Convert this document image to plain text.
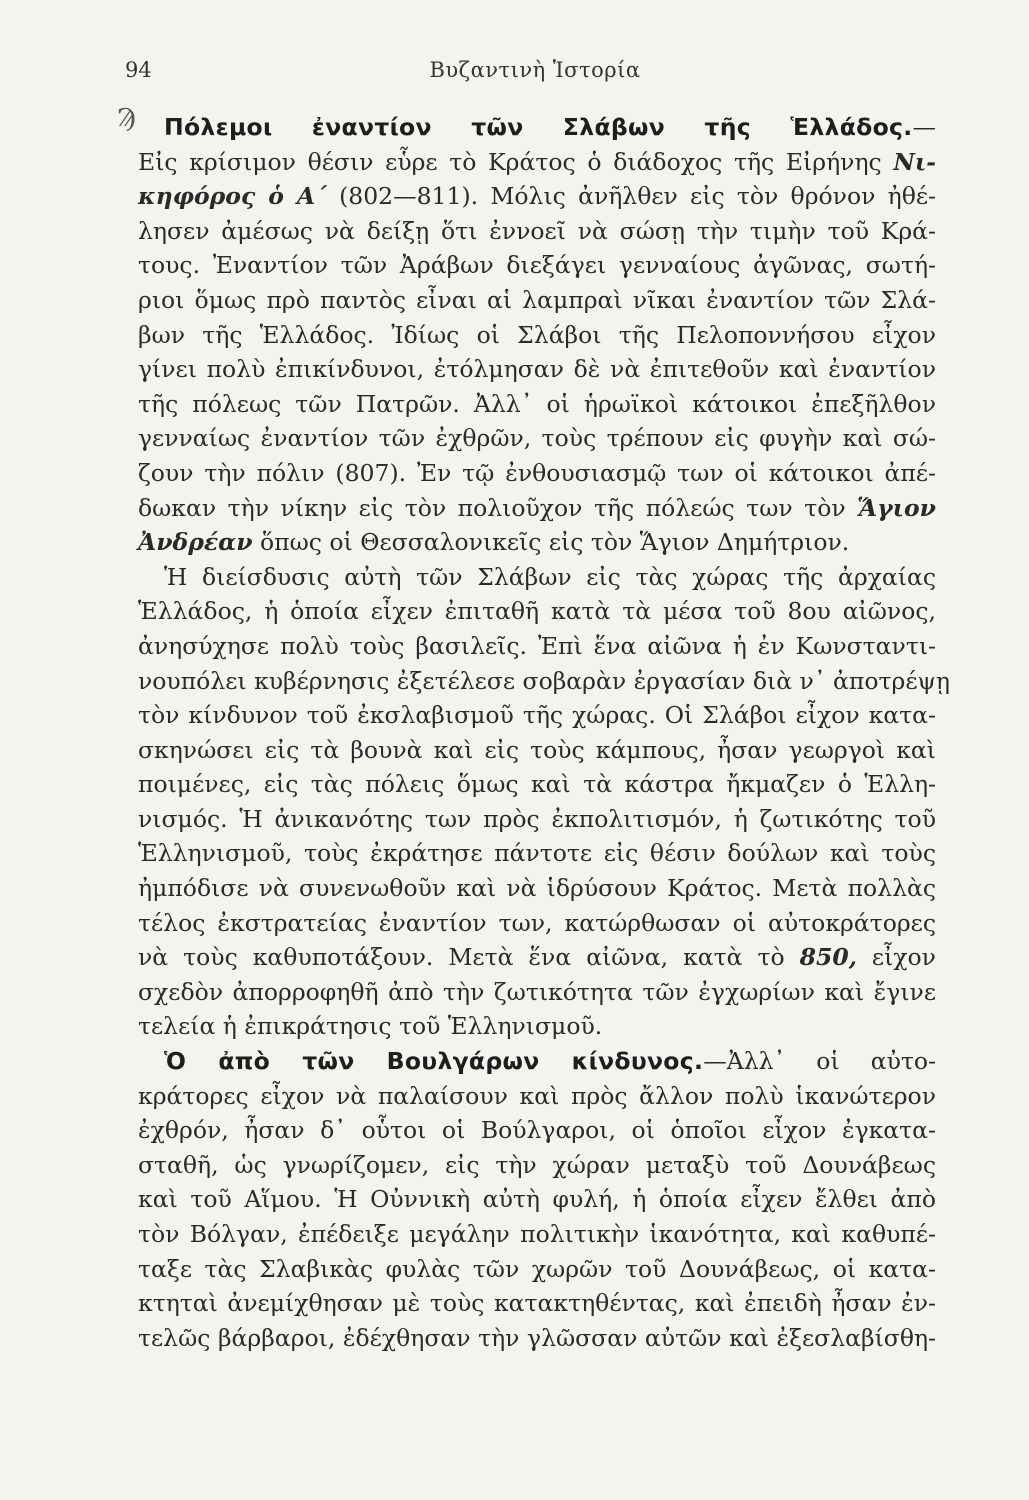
94	Βυζαντινὴ Ἱστορία
Ϡ	Πόλεμοι ἐναντίον τῶν Σλάβων τῆς Ἑλλάδος.—
Εἰς κρίσιμον θέσιν εὗρε τὸ Κράτος ὁ διάδοχος τῆς Εἰρήνης Νι-
κηφόρος ὁ Α΄ (802—811). Μόλις ἀνῆλθεν εἰς τὸν θρόνον ἠθέ-
λησεν ἀμέσως νὰ δείξῃ ὅτι ἐννοεῖ νὰ σώσῃ τὴν τιμὴν τοῦ Κρά-
τους. Ἐναντίον τῶν Ἀράβων διεξάγει γενναίους ἀγῶνας, σωτή-
ριοι ὅμως πρὸ παντὸς εἶναι αἱ λαμπραὶ νῖκαι ἐναντίον τῶν Σλά-
βων τῆς Ἑλλάδος. Ἰδίως οἱ Σλάβοι τῆς Πελοποννήσου εἶχον
γίνει πολὺ ἐπικίνδυνοι, ἐτόλμησαν δὲ νὰ ἐπιτεθοῦν καὶ ἐναντίον
τῆς πόλεως τῶν Πατρῶν. Ἀλλ᾽ οἱ ἡρωϊκοὶ κάτοικοι ἐπεξῆλθον
γενναίως ἐναντίον τῶν ἐχθρῶν, τοὺς τρέπουν εἰς φυγὴν καὶ σώ-
ζουν τὴν πόλιν (807). Ἐν τῷ ἐνθουσιασμῷ των οἱ κάτοικοι ἀπέ-
δωκαν τὴν νίκην εἰς τὸν πολιοῦχον τῆς πόλεώς των τὸν Ἅγιον
Ἀνδρέαν ὅπως οἱ Θεσσαλονικεῖς εἰς τὸν Ἅγιον Δημήτριον.
Ἡ διείσδυσις αὐτὴ τῶν Σλάβων εἰς τὰς χώρας τῆς ἀρχαίας
Ἑλλάδος, ἡ ὁποία εἶχεν ἐπιταθῆ κατὰ τὰ μέσα τοῦ 8ου αἰῶνος,
ἀνησύχησε πολὺ τοὺς βασιλεῖς. Ἐπὶ ἕνα αἰῶνα ἡ ἐν Κωνσταντι-
νουπόλει κυβέρνησις ἐξετέλεσε σοβαρὰν ἐργασίαν διὰ ν᾽ ἀποτρέψῃ
τὸν κίνδυνον τοῦ ἐκσλαβισμοῦ τῆς χώρας. Οἱ Σλάβοι εἶχον κατα-
σκηνώσει εἰς τὰ βουνὰ καὶ εἰς τοὺς κάμπους, ἦσαν γεωργοὶ καὶ
ποιμένες, εἰς τὰς πόλεις ὅμως καὶ τὰ κάστρα ἤκμαζεν ὁ Ἑλλη-
νισμός. Ἡ ἀνικανότης των πρὸς ἐκπολιτισμόν, ἡ ζωτικότης τοῦ
Ἑλληνισμοῦ, τοὺς ἐκράτησε πάντοτε εἰς θέσιν δούλων καὶ τοὺς
ἠμπόδισε νὰ συνενωθοῦν καὶ νὰ ἱδρύσουν Κράτος. Μετὰ πολλὰς
τέλος ἐκστρατείας ἐναντίον των, κατώρθωσαν οἱ αὐτοκράτορες
νὰ τοὺς καθυποτάξουν. Μετὰ ἕνα αἰῶνα, κατὰ τὸ 850, εἶχον
σχεδὸν ἀπορροφηθῆ ἀπὸ τὴν ζωτικότητα τῶν ἐγχωρίων καὶ ἔγινε
τελεία ἡ ἐπικράτησις τοῦ Ἑλληνισμοῦ.
Ὁ ἀπὸ τῶν Βουλγάρων κίνδυνος.—Ἀλλ᾽ οἱ αὐτο-
κράτορες εἶχον νὰ παλαίσουν καὶ πρὸς ἄλλον πολὺ ἱκανώτερον
ἐχθρόν, ἦσαν δ᾽ οὗτοι οἱ Βούλγαροι, οἱ ὁποῖοι εἶχον ἐγκατα-
σταθῆ, ὡς γνωρίζομεν, εἰς τὴν χώραν μεταξὺ τοῦ Δουνάβεως
καὶ τοῦ Αἵμου. Ἡ Οὐννικὴ αὐτὴ φυλή, ἡ ὁποία εἶχεν ἔλθει ἀπὸ
τὸν Βόλγαν, ἐπέδειξε μεγάλην πολιτικὴν ἱκανότητα, καὶ καθυπέ-
ταξε τὰς Σλαβικὰς φυλὰς τῶν χωρῶν τοῦ Δουνάβεως, οἱ κατα-
κτηταὶ ἀνεμίχθησαν μὲ τοὺς κατακτηθέντας, καὶ ἐπειδὴ ἦσαν ἐν-
τελῶς βάρβαροι, ἐδέχθησαν τὴν γλῶσσαν αὐτῶν καὶ ἐξεσλαβίσθη-
